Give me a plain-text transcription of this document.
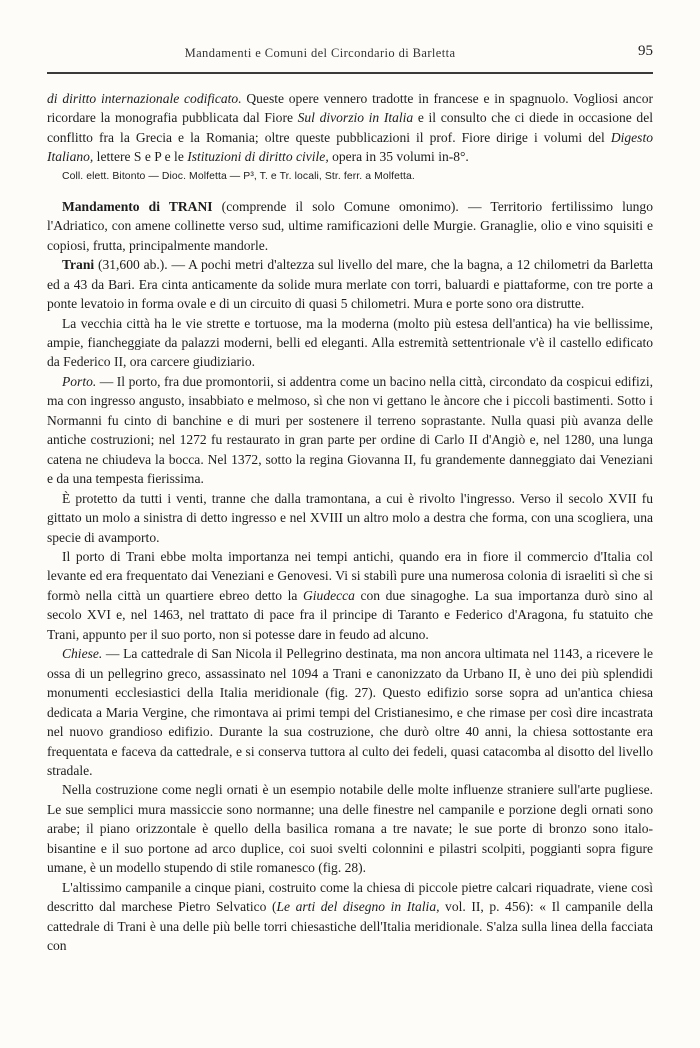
Mandamenti e Comuni del Circondario di Barletta	95

di diritto internazionale codificato. Queste opere vennero tradotte in francese e in spagnuolo. Vogliosi ancor ricordare la monografia pubblicata dal Fiore Sul divorzio in Italia e il consulto che ci diede in occasione del conflitto fra la Grecia e la Romania; oltre queste pubblicazioni il prof. Fiore dirige i volumi del Digesto Italiano, lettere S e P e le Istituzioni di diritto civile, opera in 35 volumi in-8°.

Coll. elett. Bitonto — Dioc. Molfetta — P³, T. e Tr. locali, Str. ferr. a Molfetta.

Mandamento di TRANI (comprende il solo Comune omonimo). — Territorio fertilissimo lungo l'Adriatico, con amene collinette verso sud, ultime ramificazioni delle Murgie. Granaglie, olio e vino squisiti e copiosi, frutta, principalmente mandorle.

Trani (31,600 ab.). — A pochi metri d'altezza sul livello del mare, che la bagna, a 12 chilometri da Barletta ed a 43 da Bari. Era cinta anticamente da solide mura merlate con torri, baluardi e piattaforme, con tre porte a ponte levatoio in forma ovale e di un circuito di quasi 5 chilometri. Mura e porte sono ora distrutte.

La vecchia città ha le vie strette e tortuose, ma la moderna (molto più estesa dell'antica) ha vie bellissime, ampie, fiancheggiate da palazzi moderni, belli ed eleganti. Alla estremità settentrionale v'è il castello edificato da Federico II, ora carcere giudiziario.

Porto. — Il porto, fra due promontorii, si addentra come un bacino nella città, circondato da cospicui edifizi, ma con ingresso angusto, insabbiato e melmoso, sì che non vi gettano le àncore che i piccoli bastimenti. Sotto i Normanni fu cinto di banchine e di muri per sostenere il terreno soprastante. Nulla quasi più avanza delle antiche costruzioni; nel 1272 fu restaurato in gran parte per ordine di Carlo II d'Angiò e, nel 1280, una lunga catena ne chiudeva la bocca. Nel 1372, sotto la regina Giovanna II, fu grandemente danneggiato dai Veneziani e da una tempesta fierissima.

È protetto da tutti i venti, tranne che dalla tramontana, a cui è rivolto l'ingresso. Verso il secolo XVII fu gittato un molo a sinistra di detto ingresso e nel XVIII un altro molo a destra che forma, con una scogliera, una specie di avamporto.

Il porto di Trani ebbe molta importanza nei tempi antichi, quando era in fiore il commercio d'Italia col levante ed era frequentato dai Veneziani e Genovesi. Vi si stabilì pure una numerosa colonia di israeliti sì che si formò nella città un quartiere ebreo detto la Giudecca con due sinagoghe. La sua importanza durò sino al secolo XVI e, nel 1463, nel trattato di pace fra il principe di Taranto e Federico d'Aragona, fu statuito che Trani, appunto per il suo porto, non si potesse dare in feudo ad alcuno.

Chiese. — La cattedrale di San Nicola il Pellegrino destinata, ma non ancora ultimata nel 1143, a ricevere le ossa di un pellegrino greco, assassinato nel 1094 a Trani e canonizzato da Urbano II, è uno dei più splendidi monumenti ecclesiastici della Italia meridionale (fig. 27). Questo edifizio sorse sopra ad un'antica chiesa dedicata a Maria Vergine, che rimontava ai primi tempi del Cristianesimo, e che rimase per così dire incastrata nel nuovo grandioso edifizio. Durante la sua costruzione, che durò oltre 40 anni, la chiesa sottostante era frequentata e faceva da cattedrale, e si conserva tuttora al culto dei fedeli, quasi catacomba al disotto del livello stradale.

Nella costruzione come negli ornati è un esempio notabile delle molte influenze straniere sull'arte pugliese. Le sue semplici mura massiccie sono normanne; una delle finestre nel campanile e porzione degli ornati sono arabe; il piano orizzontale è quello della basilica romana a tre navate; le sue porte di bronzo sono italo-bisantine e il suo portone ad arco duplice, coi suoi svelti colonnini e pilastri scolpiti, poggianti sopra figure umane, è un modello stupendo di stile romanesco (fig. 28).

L'altissimo campanile a cinque piani, costruito come la chiesa di piccole pietre calcari riquadrate, viene così descritto dal marchese Pietro Selvatico (Le arti del disegno in Italia, vol. II, p. 456): « Il campanile della cattedrale di Trani è una delle più belle torri chiesastiche dell'Italia meridionale. S'alza sulla linea della facciata con
